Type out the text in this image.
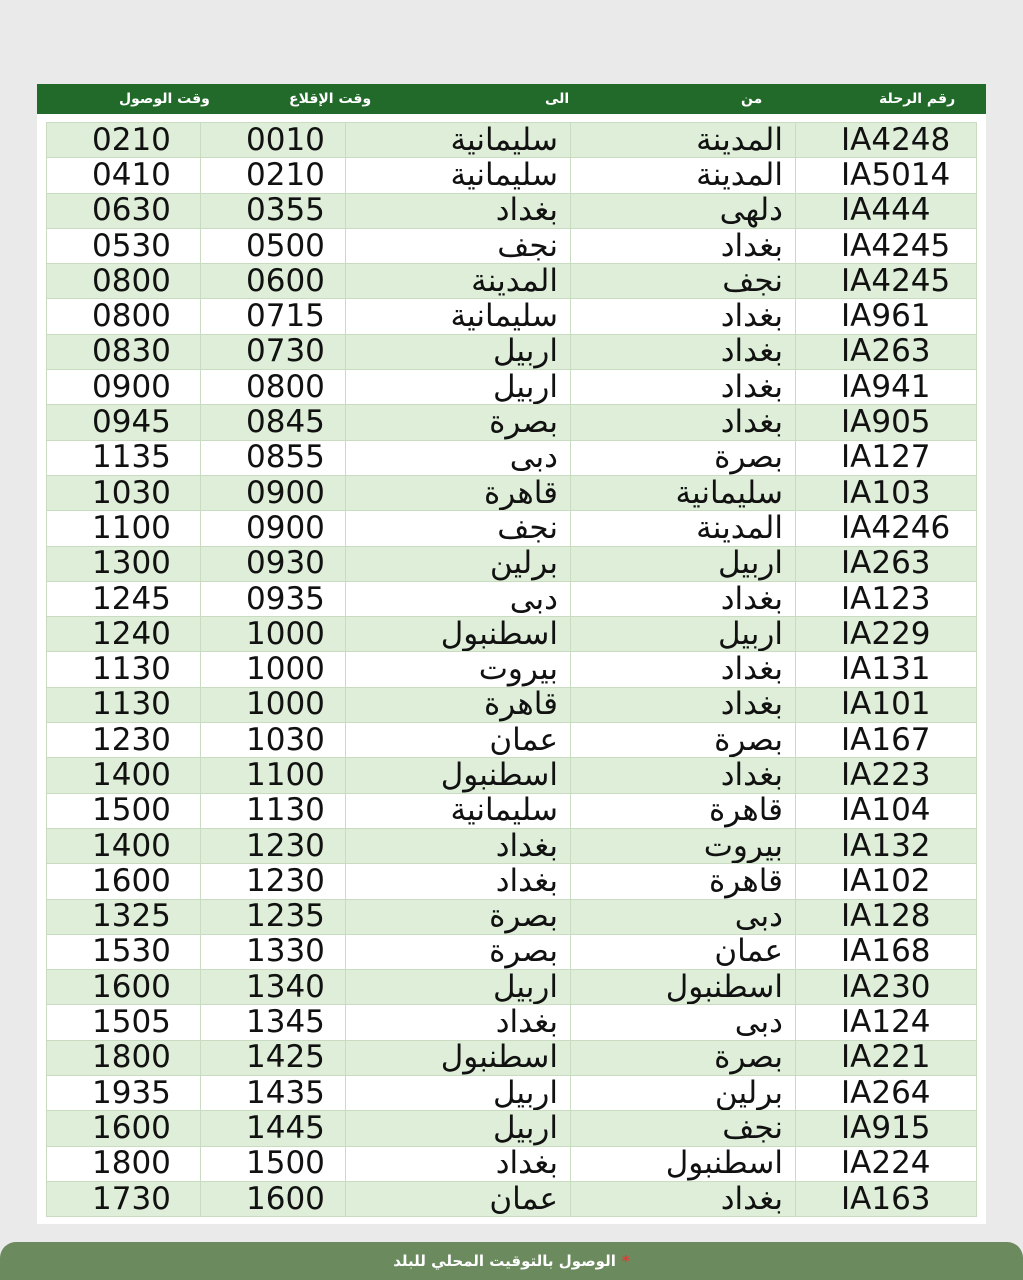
وقت الوصول	وقت الإقلاع	الى	من	رقم الرحلة
0210	0010	سليمانية	المدينة	IA4248
0410	0210	سليمانية	المدينة	IA5014
0630	0355	بغداد	دلهى	IA444
0530	0500	نجف	بغداد	IA4245
0800	0600	المدينة	نجف	IA4245
0800	0715	سليمانية	بغداد	IA961
0830	0730	اربيل	بغداد	IA263
0900	0800	اربيل	بغداد	IA941
0945	0845	بصرة	بغداد	IA905
1135	0855	دبى	بصرة	IA127
1030	0900	قاهرة	سليمانية	IA103
1100	0900	نجف	المدينة	IA4246
1300	0930	برلين	اربيل	IA263
1245	0935	دبى	بغداد	IA123
1240	1000	اسطنبول	اربيل	IA229
1130	1000	بيروت	بغداد	IA131
1130	1000	قاهرة	بغداد	IA101
1230	1030	عمان	بصرة	IA167
1400	1100	اسطنبول	بغداد	IA223
1500	1130	سليمانية	قاهرة	IA104
1400	1230	بغداد	بيروت	IA132
1600	1230	بغداد	قاهرة	IA102
1325	1235	بصرة	دبى	IA128
1530	1330	بصرة	عمان	IA168
1600	1340	اربيل	اسطنبول	IA230
1505	1345	بغداد	دبى	IA124
1800	1425	اسطنبول	بصرة	IA221
1935	1435	اربيل	برلين	IA264
1600	1445	اربيل	نجف	IA915
1800	1500	بغداد	اسطنبول	IA224
1730	1600	عمان	بغداد	IA163
*الوصول بالتوقيت المحلي للبلد
